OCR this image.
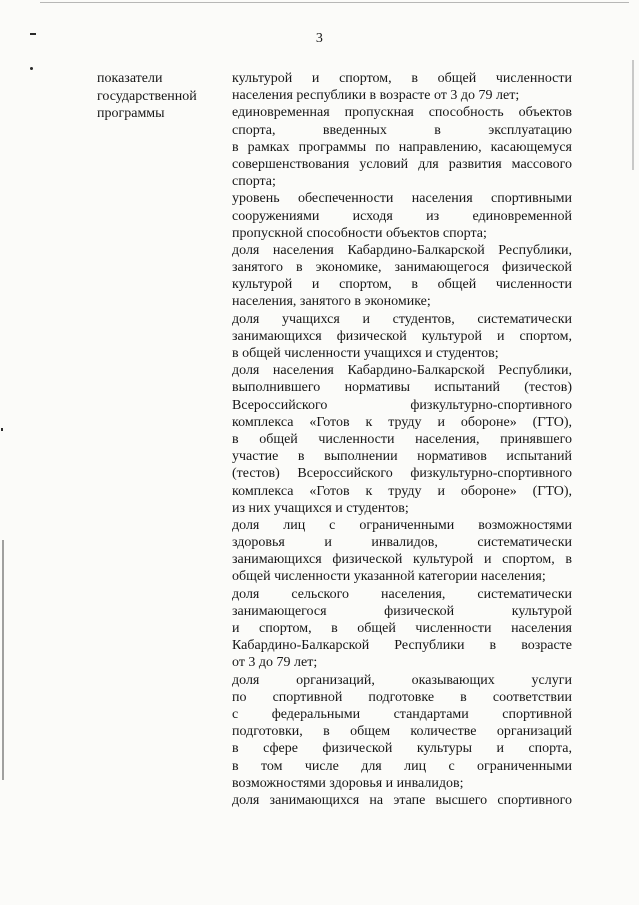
3
показатели
государственной
программы
культурой и спортом, в общей численности
населения республики в возрасте от 3 до 79 лет;
единовременная пропускная способность объектов
спорта, введенных в эксплуатацию
в рамках программы по направлению, касающемуся
совершенствования условий для развития массового
спорта;
уровень обеспеченности населения спортивными
сооружениями исходя из единовременной
пропускной способности объектов спорта;
доля населения Кабардино-Балкарской Республики,
занятого в экономике, занимающегося физической
культурой и спортом, в общей численности
населения, занятого в экономике;
доля учащихся и студентов, систематически
занимающихся физической культурой и спортом,
в общей численности учащихся и студентов;
доля населения Кабардино-Балкарской Республики,
выполнившего нормативы испытаний (тестов)
Всероссийского физкультурно-спортивного
комплекса «Готов к труду и обороне» (ГТО),
в общей численности населения, принявшего
участие в выполнении нормативов испытаний
(тестов) Всероссийского физкультурно-спортивного
комплекса «Готов к труду и обороне» (ГТО),
из них учащихся и студентов;
доля лиц с ограниченными возможностями
здоровья и инвалидов, систематически
занимающихся физической культурой и спортом, в
общей численности указанной категории населения;
доля сельского населения, систематически
занимающегося физической культурой
и спортом, в общей численности населения
Кабардино-Балкарской Республики в возрасте
от 3 до 79 лет;
доля организаций, оказывающих услуги
по спортивной подготовке в соответствии
с федеральными стандартами спортивной
подготовки, в общем количестве организаций
в сфере физической культуры и спорта,
в том числе для лиц с ограниченными
возможностями здоровья и инвалидов;
доля занимающихся на этапе высшего спортивного
